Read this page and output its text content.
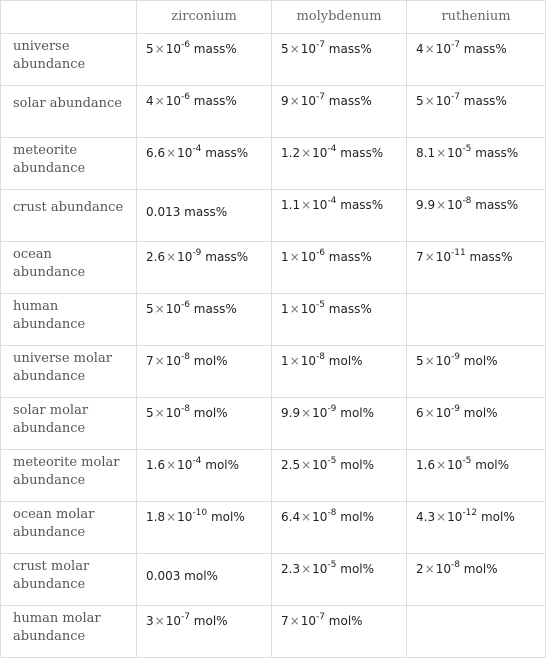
	zirconium	molybdenum	ruthenium
universe abundance	$5\times 10^{-6}$ mass%	$5\times 10^{-7}$ mass%	$4\times 10^{-7}$ mass%
solar abundance	$4\times 10^{-6}$ mass%	$9\times 10^{-7}$ mass%	$5\times 10^{-7}$ mass%
meteorite abundance	$6.6\times 10^{-4}$ mass%	$1.2\times 10^{-4}$ mass%	$8.1\times 10^{-5}$ mass%
crust abundance	0.013 mass%	$1.1\times 10^{-4}$ mass%	$9.9\times 10^{-8}$ mass%
ocean abundance	$2.6\times 10^{-9}$ mass%	$1\times 10^{-6}$ mass%	$7\times 10^{-11}$ mass%
human abundance	$5\times 10^{-6}$ mass%	$1\times 10^{-5}$ mass%	
universe molar abundance	$7\times 10^{-8}$ mol%	$1\times 10^{-8}$ mol%	$5\times 10^{-9}$ mol%
solar molar abundance	$5\times 10^{-8}$ mol%	$9.9\times 10^{-9}$ mol%	$6\times 10^{-9}$ mol%
meteorite molar abundance	$1.6\times 10^{-4}$ mol%	$2.5\times 10^{-5}$ mol%	$1.6\times 10^{-5}$ mol%
ocean molar abundance	$1.8\times 10^{-10}$ mol%	$6.4\times 10^{-8}$ mol%	$4.3\times 10^{-12}$ mol%
crust molar abundance	0.003 mol%	$2.3\times 10^{-5}$ mol%	$2\times 10^{-8}$ mol%
human molar abundance	$3\times 10^{-7}$ mol%	$7\times 10^{-7}$ mol%	
